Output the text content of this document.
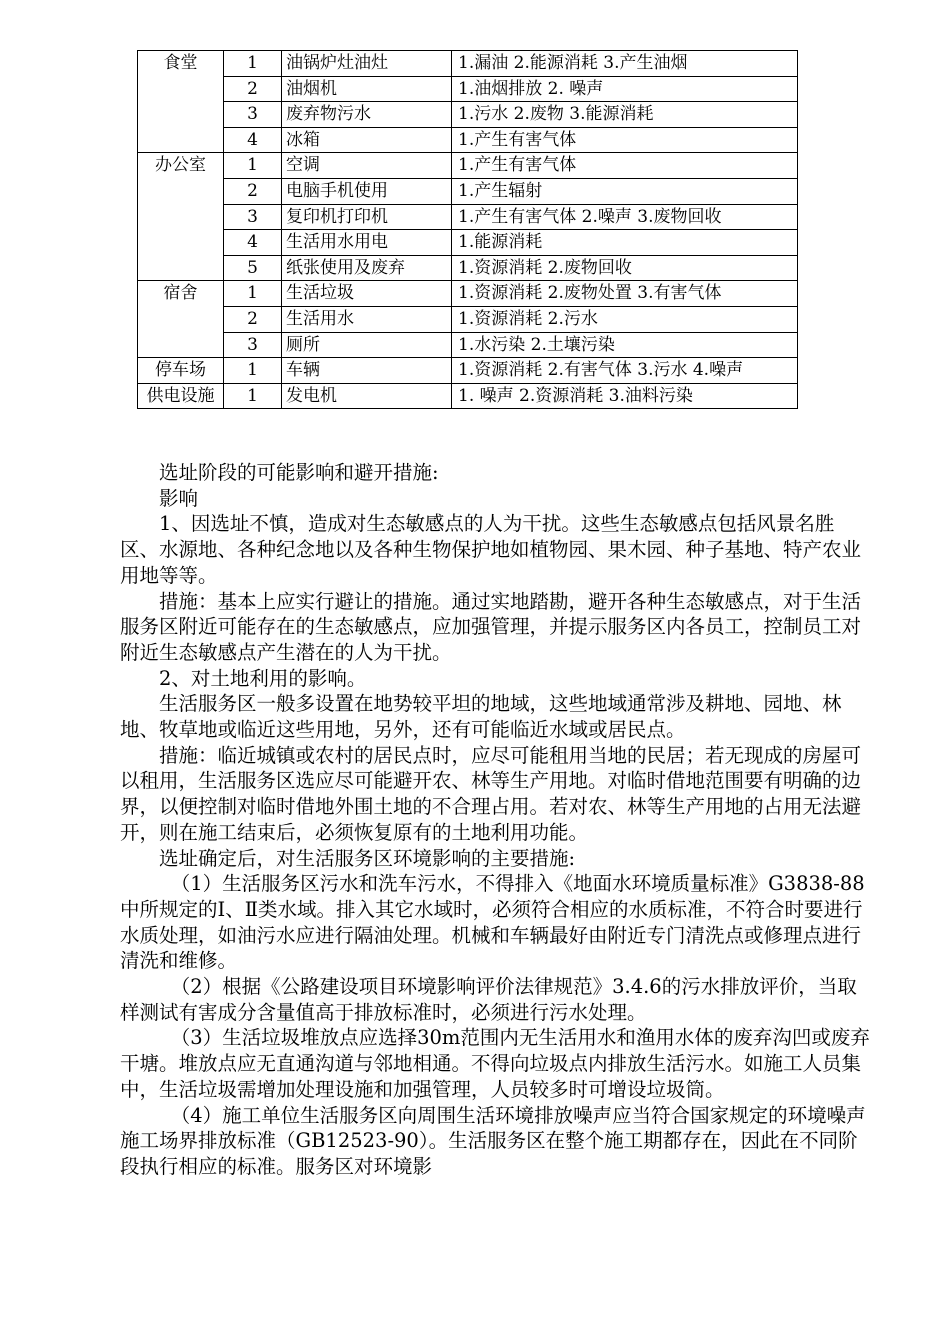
食堂	1	油锅炉灶油灶	1.漏油 2.能源消耗 3.产生油烟
	2	油烟机	1.油烟排放 2. 噪声
	3	废弃物污水	1.污水 2.废物 3.能源消耗
	4	冰箱	1.产生有害气体
办公室	1	空调	1.产生有害气体
	2	电脑手机使用	1.产生辐射
	3	复印机打印机	1.产生有害气体 2.噪声 3.废物回收
	4	生活用水用电	1.能源消耗
	5	纸张使用及废弃	1.资源消耗 2.废物回收
宿舍	1	生活垃圾	1.资源消耗 2.废物处置 3.有害气体
	2	生活用水	1.资源消耗 2.污水
	3	厕所	1.水污染 2.土壤污染
停车场	1	车辆	1.资源消耗 2.有害气体 3.污水 4.噪声
供电设施	1	发电机	1. 噪声 2.资源消耗 3.油料污染

选址阶段的可能影响和避开措施:

影响

1、因选址不慎，造成对生态敏感点的人为干扰。这些生态敏感点包括风景名胜区、水源地、各种纪念地以及各种生物保护地如植物园、果木园、种子基地、特产农业用地等等。

措施：基本上应实行避让的措施。通过实地踏勘，避开各种生态敏感点，对于生活服务区附近可能存在的生态敏感点，应加强管理，并提示服务区内各员工，控制员工对附近生态敏感点产生潜在的人为干扰。

2、对土地利用的影响。

生活服务区一般多设置在地势较平坦的地域，这些地域通常涉及耕地、园地、林地、牧草地或临近这些用地，另外，还有可能临近水域或居民点。

措施：临近城镇或农村的居民点时，应尽可能租用当地的民居；若无现成的房屋可以租用，生活服务区选应尽可能避开农、林等生产用地。对临时借地范围要有明确的边界，以便控制对临时借地外围土地的不合理占用。若对农、林等生产用地的占用无法避开，则在施工结束后，必须恢复原有的土地利用功能。

选址确定后，对生活服务区环境影响的主要措施:

（1）生活服务区污水和洗车污水，不得排入《地面水环境质量标准》G3838-88中所规定的Ⅰ、Ⅱ类水域。排入其它水域时，必须符合相应的水质标准，不符合时要进行水质处理，如油污水应进行隔油处理。机械和车辆最好由附近专门清洗点或修理点进行清洗和维修。

（2）根据《公路建设项目环境影响评价法律规范》3.4.6的污水排放评价，当取样测试有害成分含量值高于排放标准时，必须进行污水处理。

（3）生活垃圾堆放点应选择30m范围内无生活用水和渔用水体的废弃沟凹或废弃干塘。堆放点应无直通沟道与邻地相通。不得向垃圾点内排放生活污水。如施工人员集中，生活垃圾需增加处理设施和加强管理，人员较多时可增设垃圾筒。

（4）施工单位生活服务区向周围生活环境排放噪声应当符合国家规定的环境噪声施工场界排放标准（GB12523-90）。生活服务区在整个施工期都存在，因此在不同阶段执行相应的标准。服务区对环境影
